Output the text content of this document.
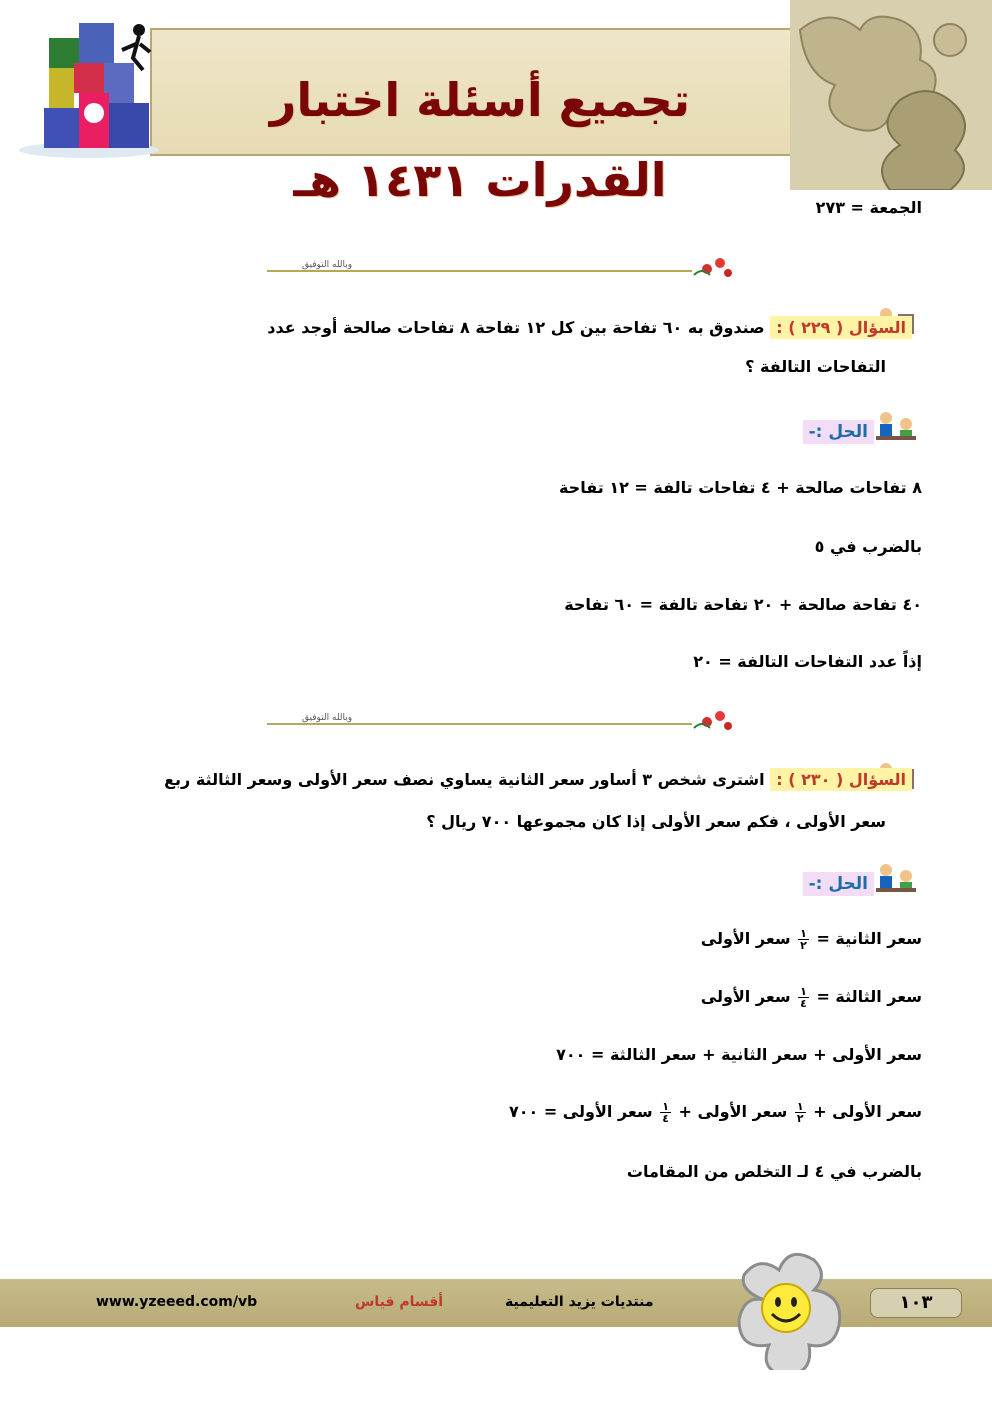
تجميع أسئلة اختبار القدرات ١٤٣١ هـ
الجمعة = ٢٧٣
وبالله التوفيق
السؤال ( ٢٢٩ ) : صندوق به ٦٠ تفاحة بين كل ١٢ تفاحة ٨ تفاحات صالحة أوجد عدد
التفاحات التالفة ؟
الحل :-
٨ تفاحات صالحة + ٤ تفاحات تالفة = ١٢ تفاحة
بالضرب في ٥
٤٠ تفاحة صالحة + ٢٠ تفاحة تالفة = ٦٠ تفاحة
إذاً عدد التفاحات التالفة = ٢٠
وبالله التوفيق
السؤال ( ٢٣٠ ) : اشترى شخص ٣ أساور سعر الثانية يساوي نصف سعر الأولى وسعر الثالثة ربع
سعر الأولى ، فكم سعر الأولى إذا كان مجموعها ٧٠٠ ريال ؟
الحل :-
سعر الثانية =
$\frac{١}{٢}$
سعر الأولى
سعر الثالثة =
$\frac{١}{٤}$
سعر الأولى
سعر الأولى + سعر الثانية + سعر الثالثة = ٧٠٠
سعر الأولى +
$\frac{١}{٢}$
سعر الأولى +
$\frac{١}{٤}$
سعر الأولى = ٧٠٠
بالضرب في ٤ لـ التخلص من المقامات
١٠٣
منتديات يزيد التعليمية
أقسام قياس
www.yzeeed.com/vb
